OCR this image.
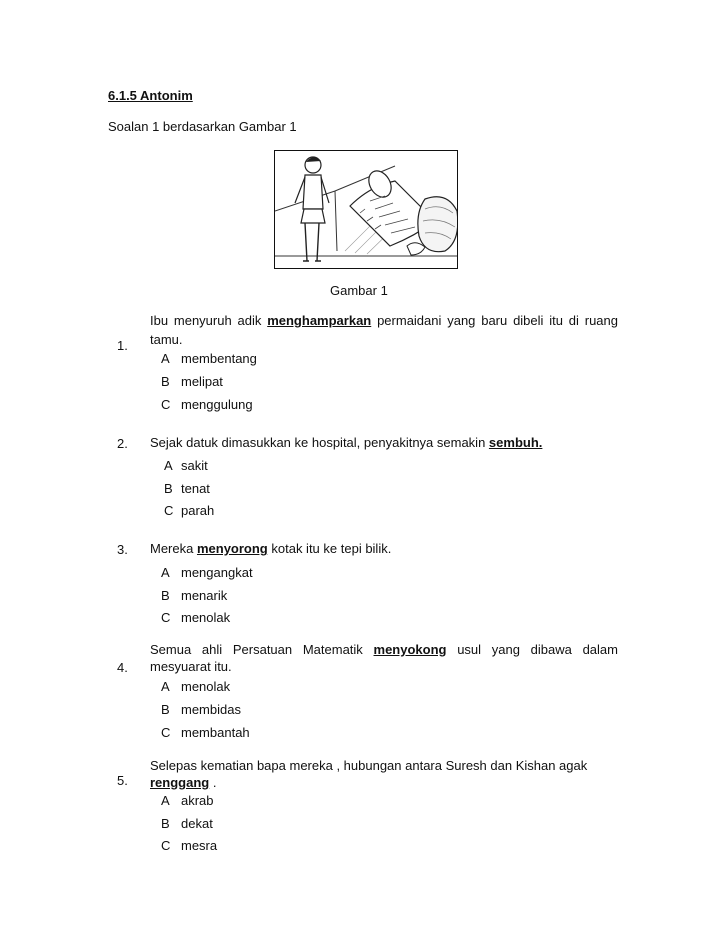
6.1.5 Antonim
Soalan 1 berdasarkan Gambar 1
Gambar 1
1.
Ibu menyuruh adik menghamparkan permaidani yang baru dibeli itu di ruang
tamu.
A membentang
B melipat
C menggulung
2. Sejak datuk dimasukkan ke hospital, penyakitnya semakin sembuh.
A sakit
B tenat
C parah
3. Mereka menyorong kotak itu ke tepi bilik.
A mengangkat
B menarik
C menolak
4.
Semua ahli Persatuan Matematik menyokong usul yang dibawa dalam
mesyuarat itu.
A menolak
B membidas
C membantah
5.
Selepas kematian bapa mereka , hubungan antara Suresh dan Kishan agak
renggang .
A akrab
B dekat
C mesra
